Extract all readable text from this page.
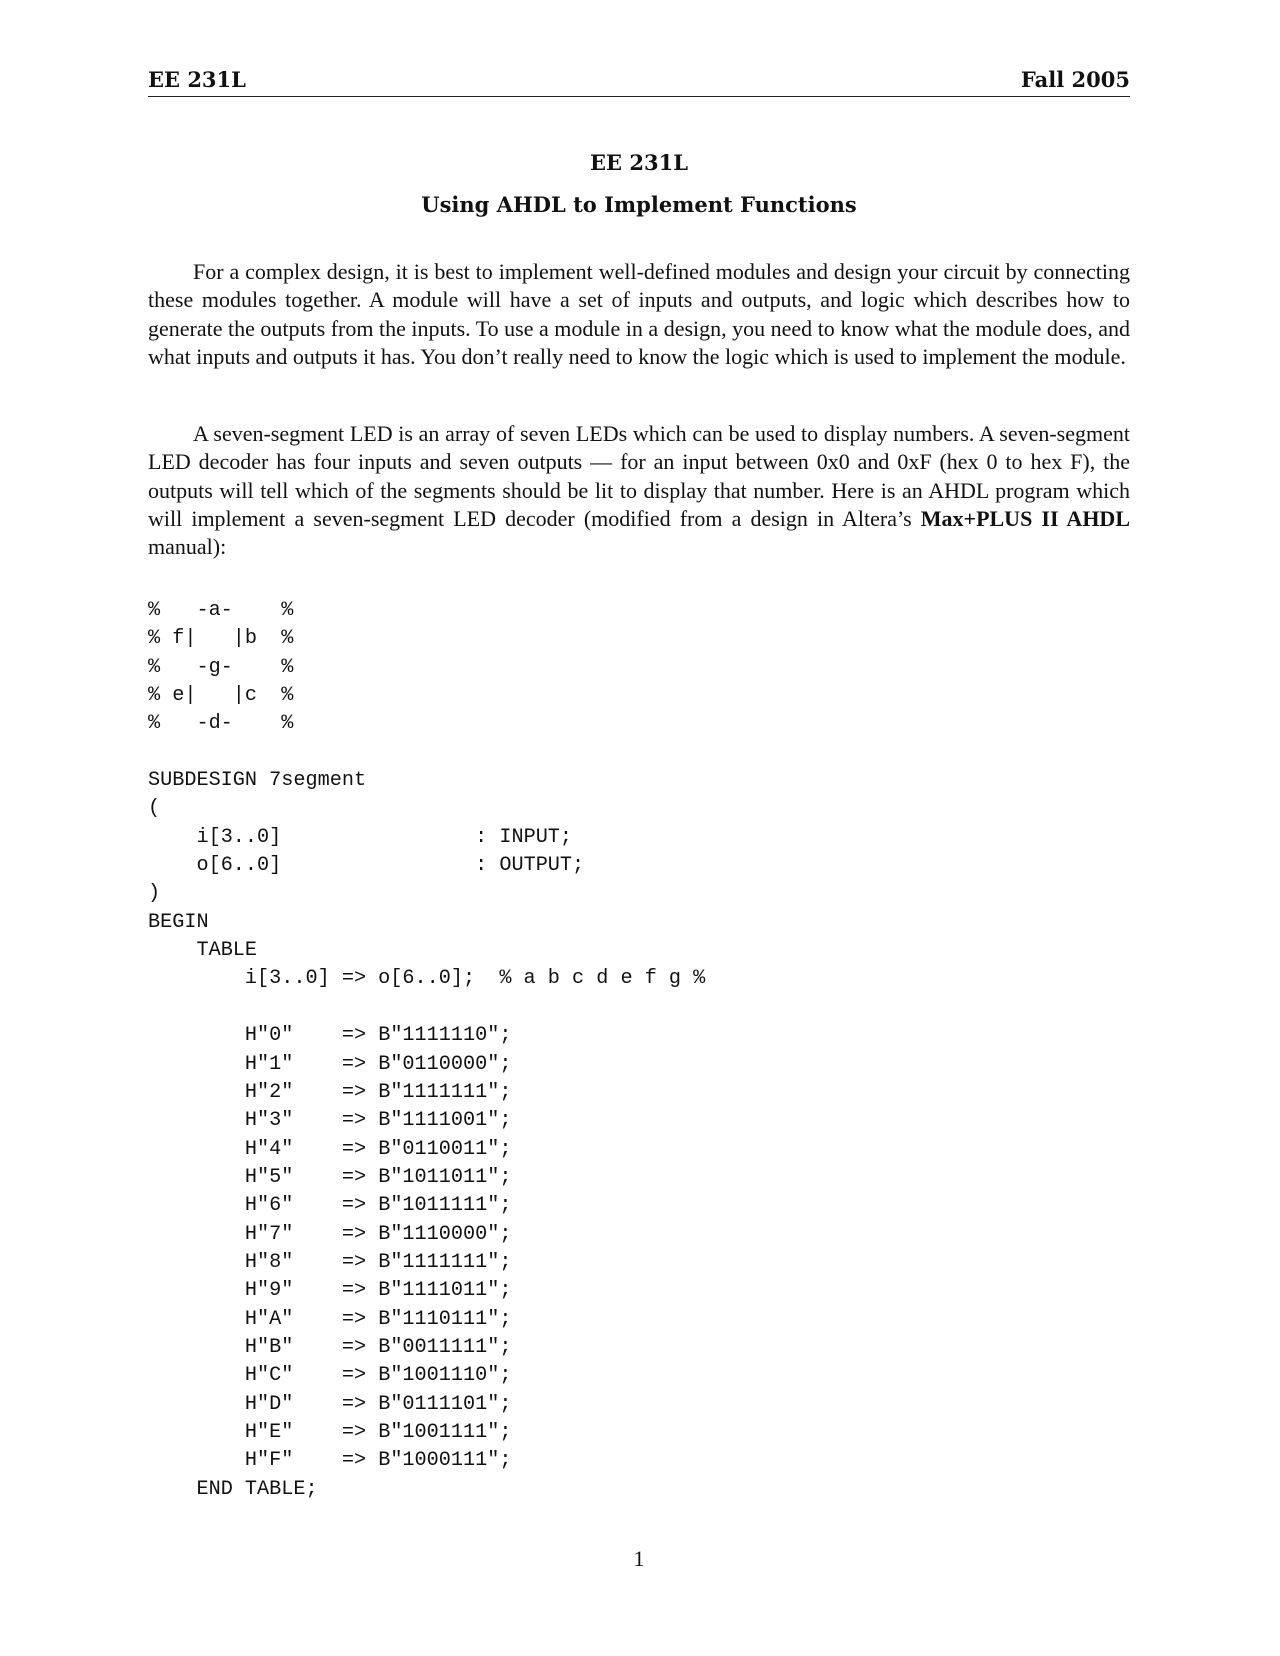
EE 231L	Fall 2005
EE 231L
Using AHDL to Implement Functions

For a complex design, it is best to implement well-defined modules and design your circuit by connecting these modules together. A module will have a set of inputs and outputs, and logic which describes how to generate the outputs from the inputs. To use a module in a design, you need to know what the module does, and what inputs and outputs it has. You don’t really need to know the logic which is used to implement the module.

A seven-segment LED is an array of seven LEDs which can be used to display numbers. A seven-segment LED decoder has four inputs and seven outputs — for an input between 0x0 and 0xF (hex 0 to hex F), the outputs will tell which of the segments should be lit to display that number. Here is an AHDL program which will implement a seven-segment LED decoder (modified from a design in Altera’s Max+PLUS II AHDL manual):

%   -a-    %
% f|   |b  %
%   -g-    %
% e|   |c  %
%   -d-    %

SUBDESIGN 7segment
(
i[3..0]	: INPUT;
o[6..0]	: OUTPUT;
)
BEGIN
TABLE
i[3..0] => o[6..0];  % a b c d e f g %

H"0" => B"1111110";
H"1" => B"0110000";
H"2" => B"1111111";
H"3" => B"1111001";
H"4" => B"0110011";
H"5" => B"1011011";
H"6" => B"1011111";
H"7" => B"1110000";
H"8" => B"1111111";
H"9" => B"1111011";
H"A" => B"1110111";
H"B" => B"0011111";
H"C" => B"1001110";
H"D" => B"0111101";
H"E" => B"1001111";
H"F" => B"1000111";
END TABLE;
1
